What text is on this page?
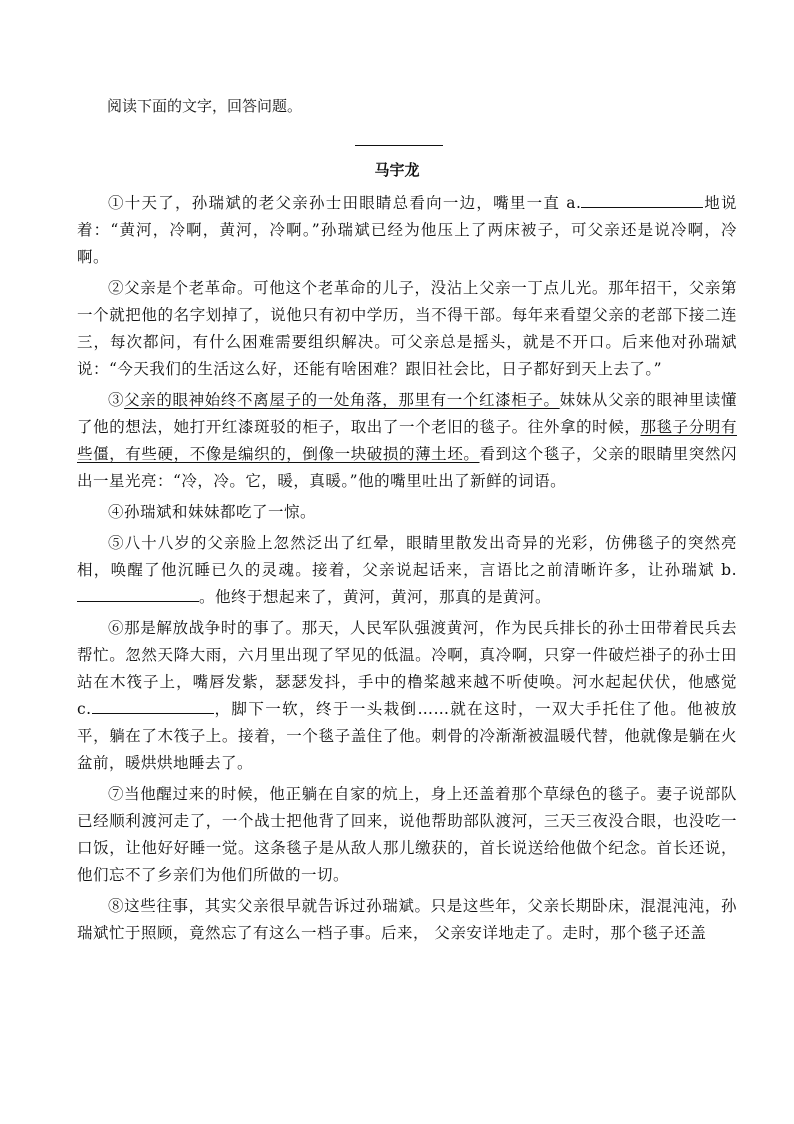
阅读下面的文字，回答问题。
马宇龙

①十天了，孙瑞斌的老父亲孙士田眼睛总看向一边，嘴里一直 a.	地说着：“黄河，冷啊，黄河，冷啊。”孙瑞斌已经为他压上了两床被子，可父亲还是说冷啊，冷啊。

②父亲是个老革命。可他这个老革命的儿子，没沾上父亲一丁点儿光。那年招干，父亲第一个就把他的名字划掉了，说他只有初中学历，当不得干部。每年来看望父亲的老部下接二连三，每次都问，有什么困难需要组织解决。可父亲总是摇头，就是不开口。后来他对孙瑞斌说：“今天我们的生活这么好，还能有啥困难？跟旧社会比，日子都好到天上去了。”

③父亲的眼神始终不离屋子的一处角落，那里有一个红漆柜子。妹妹从父亲的眼神里读懂了他的想法，她打开红漆斑驳的柜子，取出了一个老旧的毯子。往外拿的时候，那毯子分明有些僵，有些硬，不像是编织的，倒像一块破损的薄土坯。看到这个毯子，父亲的眼睛里突然闪出一星光亮：“冷，冷。它，暖，真暖。”他的嘴里吐出了新鲜的词语。

④孙瑞斌和妹妹都吃了一惊。

⑤八十八岁的父亲脸上忽然泛出了红晕，眼睛里散发出奇异的光彩，仿佛毯子的突然亮相，唤醒了他沉睡已久的灵魂。接着，父亲说起话来，言语比之前清晰许多，让孙瑞斌 b.。他终于想起来了，黄河，黄河，那真的是黄河。

⑥那是解放战争时的事了。那天，人民军队强渡黄河，作为民兵排长的孙士田带着民兵去帮忙。忽然天降大雨，六月里出现了罕见的低温。冷啊，真冷啊，只穿一件破烂褂子的孙士田站在木筏子上，嘴唇发紫，瑟瑟发抖，手中的橹桨越来越不听使唤。河水起起伏伏，他感觉 c.	，脚下一软，终于一头栽倒……就在这时，一双大手托住了他。他被放平，躺在了木筏子上。接着，一个毯子盖住了他。刺骨的冷渐渐被温暖代替，他就像是躺在火盆前，暖烘烘地睡去了。

⑦当他醒过来的时候，他正躺在自家的炕上，身上还盖着那个草绿色的毯子。妻子说部队已经顺利渡河走了，一个战士把他背了回来，说他帮助部队渡河，三天三夜没合眼，也没吃一口饭，让他好好睡一觉。这条毯子是从敌人那儿缴获的，首长说送给他做个纪念。首长还说，他们忘不了乡亲们为他们所做的一切。

⑧这些往事，其实父亲很早就告诉过孙瑞斌。只是这些年，父亲长期卧床，混混沌沌，孙瑞斌忙于照顾，竟然忘了有这么一档子事。后来， 父亲安详地走了。走时，那个毯子还盖
